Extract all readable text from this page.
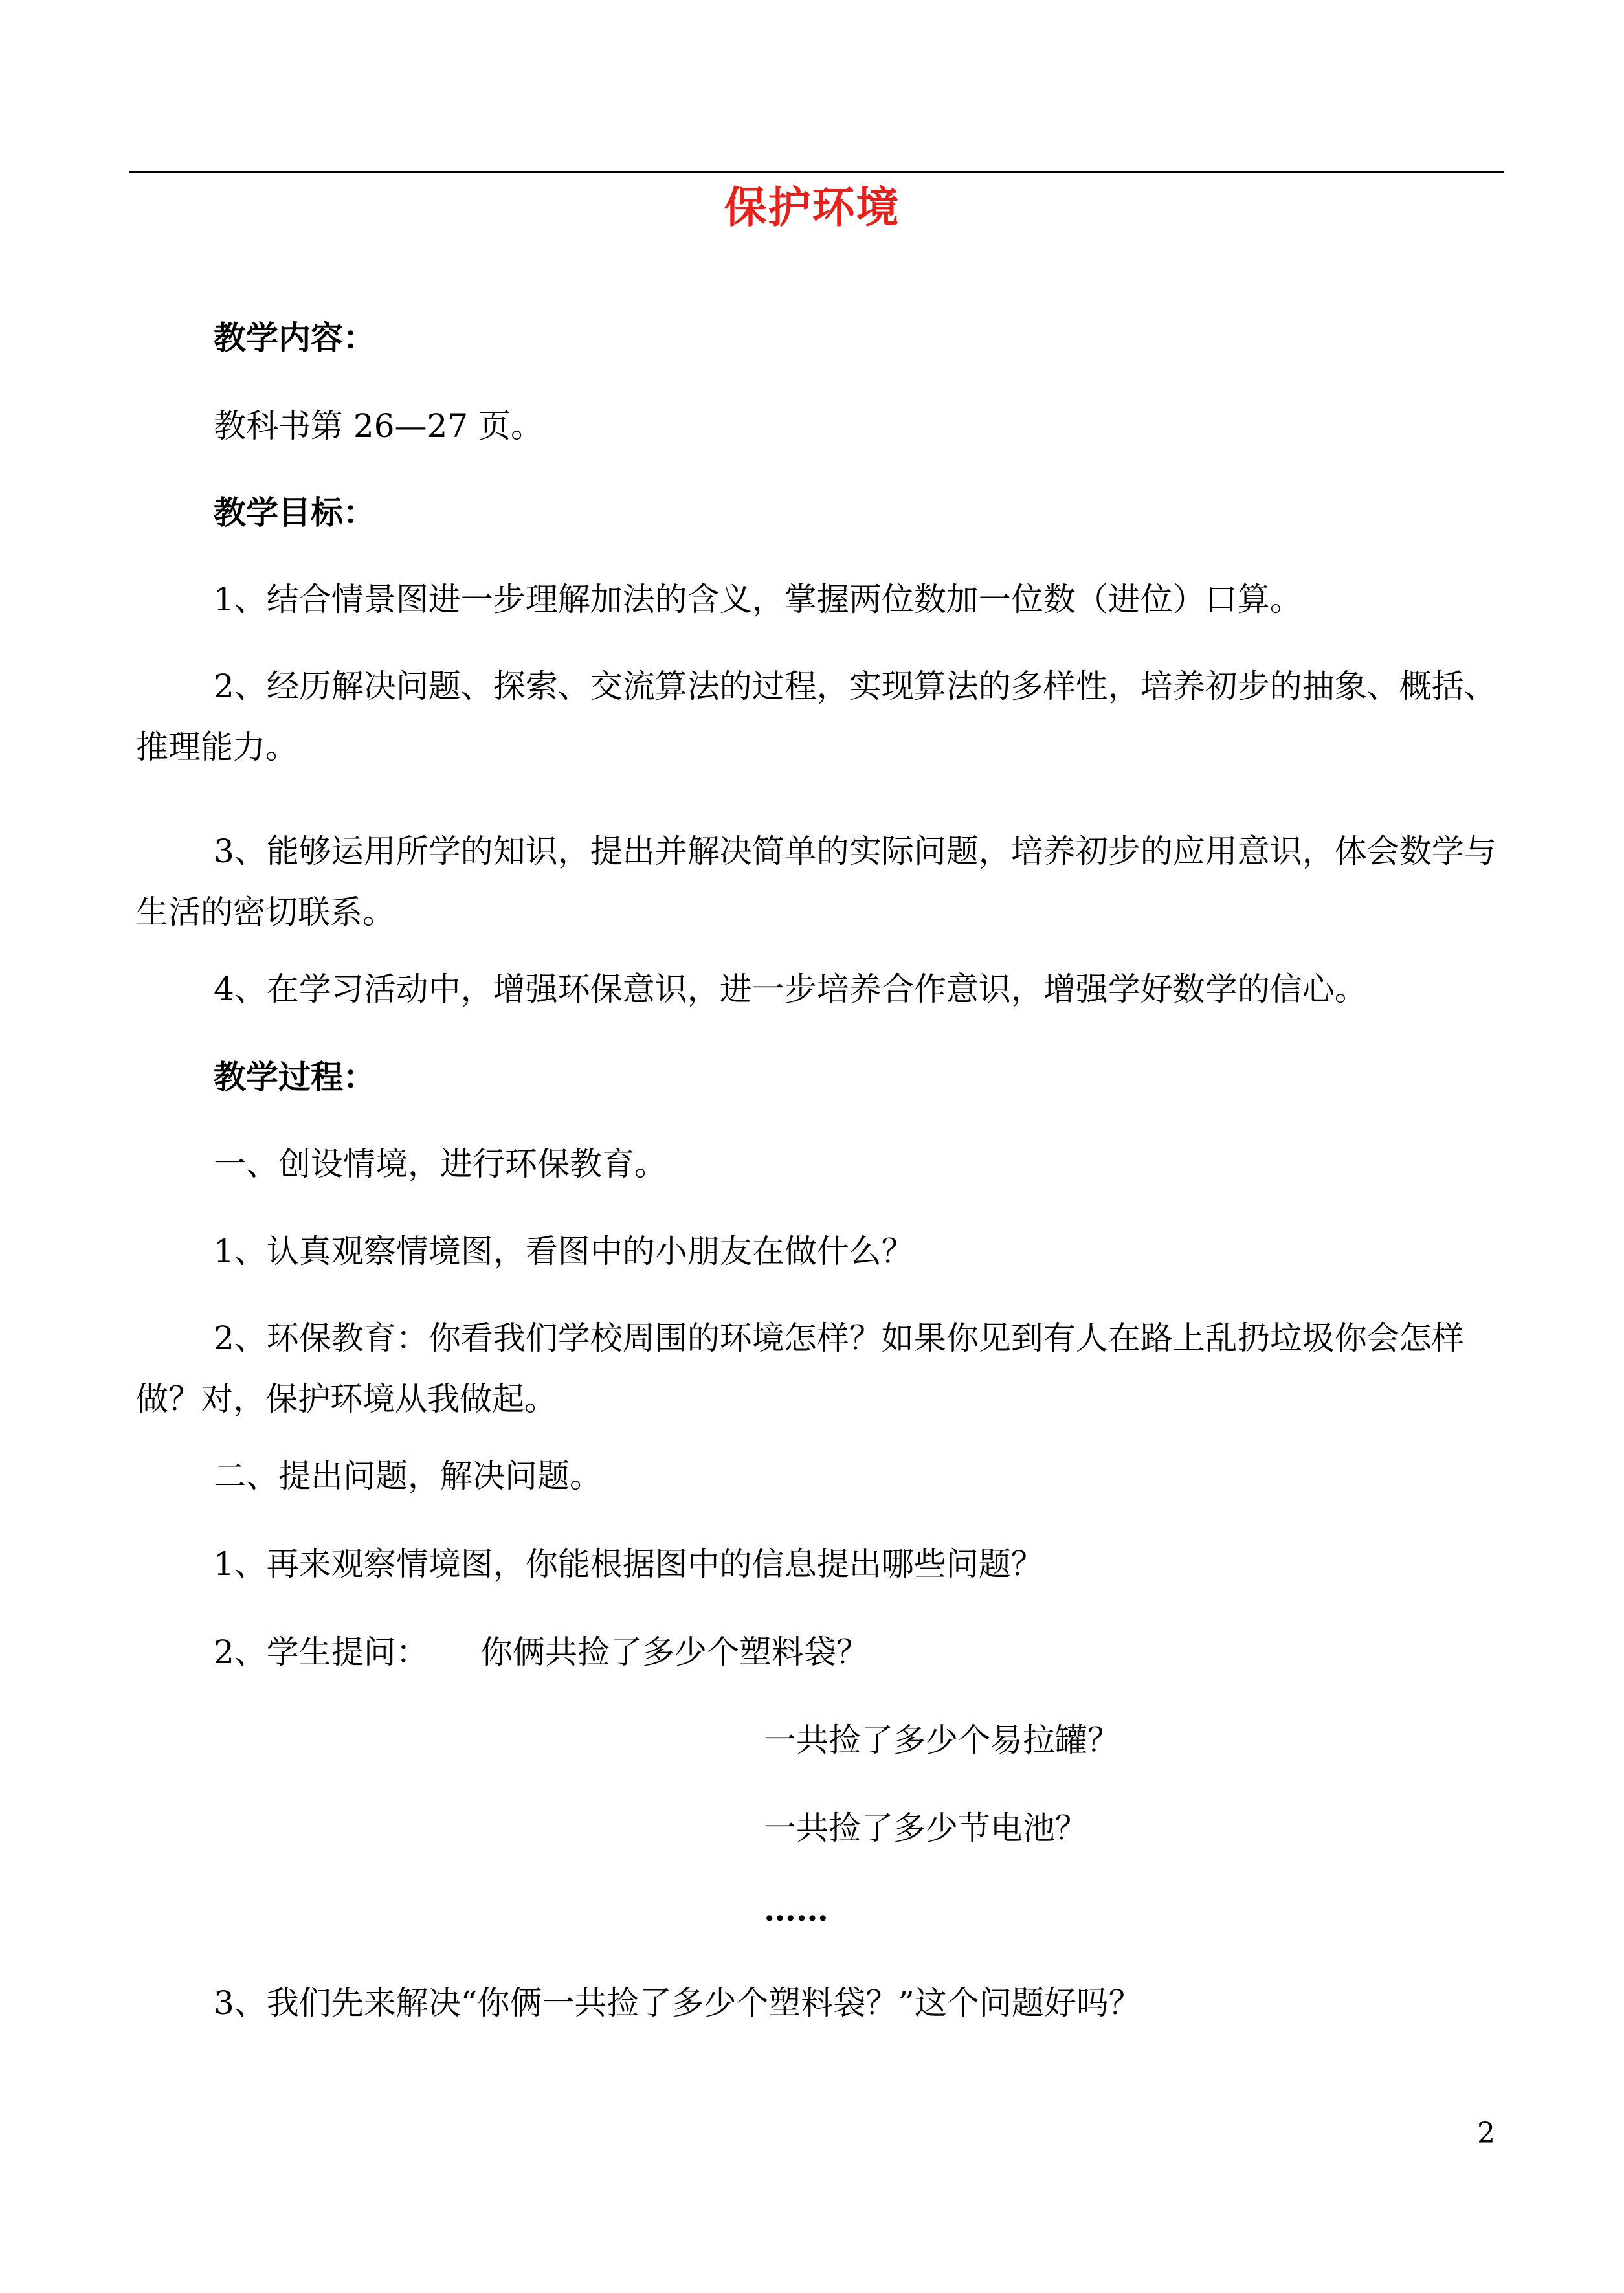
保护环境
教学内容：
教科书第 26—27 页。
教学目标：
1、结合情景图进一步理解加法的含义，掌握两位数加一位数（进位）口算。
2、经历解决问题、探索、交流算法的过程，实现算法的多样性，培养初步的抽象、概括、推理能力。
3、能够运用所学的知识，提出并解决简单的实际问题，培养初步的应用意识，体会数学与生活的密切联系。
4、在学习活动中，增强环保意识，进一步培养合作意识，增强学好数学的信心。
教学过程：
一、创设情境，进行环保教育。
1、认真观察情境图，看图中的小朋友在做什么？
2、环保教育：你看我们学校周围的环境怎样？如果你见到有人在路上乱扔垃圾你会怎样做？对，保护环境从我做起。
二、提出问题，解决问题。
1、再来观察情境图，你能根据图中的信息提出哪些问题？
2、学生提问： 你俩共捡了多少个塑料袋？
一共捡了多少个易拉罐？
一共捡了多少节电池？
……
3、我们先来解决“你俩一共捡了多少个塑料袋？”这个问题好吗？
2
